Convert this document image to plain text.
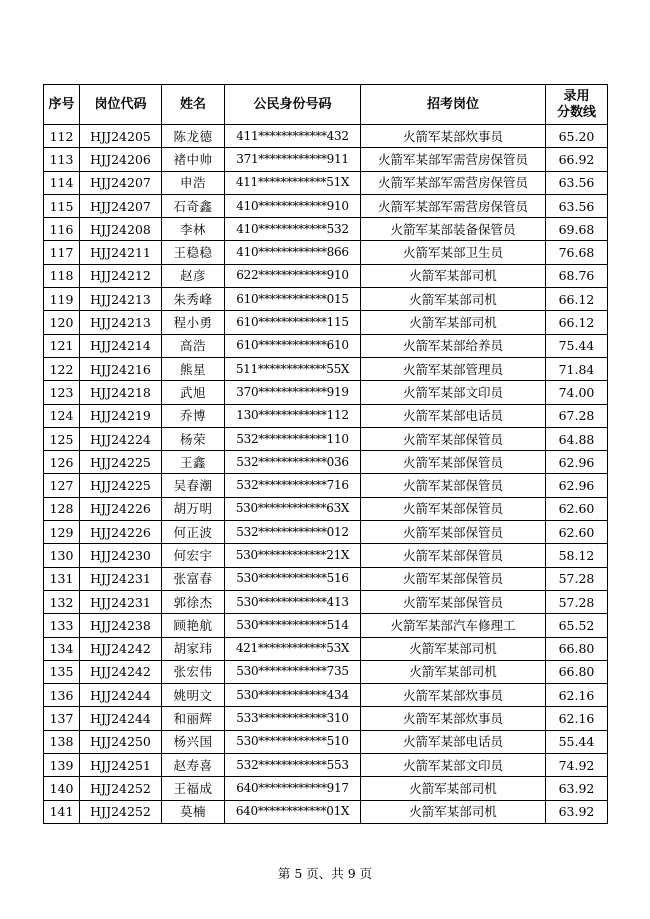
序号	岗位代码	姓名	公民身份号码	招考岗位	录用
分数线

112	HJJ24205	陈龙德	411************432	火箭军某部炊事员	65.20
113	HJJ24206	褚中帅	371************911	火箭军某部军需营房保管员	66.92
114	HJJ24207	申浩	411************51X	火箭军某部军需营房保管员	63.56
115	HJJ24207	石奇鑫	410************910	火箭军某部军需营房保管员	63.56
116	HJJ24208	李林	410************532	火箭军某部装备保管员	69.68
117	HJJ24211	王稳稳	410************866	火箭军某部卫生员	76.68
118	HJJ24212	赵彦	622************910	火箭军某部司机	68.76
119	HJJ24213	朱秀峰	610************015	火箭军某部司机	66.12
120	HJJ24213	程小勇	610************115	火箭军某部司机	66.12
121	HJJ24214	高浩	610************610	火箭军某部给养员	75.44
122	HJJ24216	熊星	511************55X	火箭军某部管理员	71.84
123	HJJ24218	武旭	370************919	火箭军某部文印员	74.00
124	HJJ24219	乔博	130************112	火箭军某部电话员	67.28
125	HJJ24224	杨荣	532************110	火箭军某部保管员	64.88
126	HJJ24225	王鑫	532************036	火箭军某部保管员	62.96
127	HJJ24225	吴春潮	532************716	火箭军某部保管员	62.96
128	HJJ24226	胡万明	530************63X	火箭军某部保管员	62.60
129	HJJ24226	何正波	532************012	火箭军某部保管员	62.60
130	HJJ24230	何宏宇	530************21X	火箭军某部保管员	58.12
131	HJJ24231	张富春	530************516	火箭军某部保管员	57.28
132	HJJ24231	郭徐杰	530************413	火箭军某部保管员	57.28
133	HJJ24238	顾艳航	530************514	火箭军某部汽车修理工	65.52
134	HJJ24242	胡家玮	421************53X	火箭军某部司机	66.80
135	HJJ24242	张宏伟	530************735	火箭军某部司机	66.80
136	HJJ24244	姚明文	530************434	火箭军某部炊事员	62.16
137	HJJ24244	和丽辉	533************310	火箭军某部炊事员	62.16
138	HJJ24250	杨兴国	530************510	火箭军某部电话员	55.44
139	HJJ24251	赵寿喜	532************553	火箭军某部文印员	74.92
140	HJJ24252	王福成	640************917	火箭军某部司机	63.92
141	HJJ24252	莫楠	640************01X	火箭军某部司机	63.92
第 5 页、共 9 页
